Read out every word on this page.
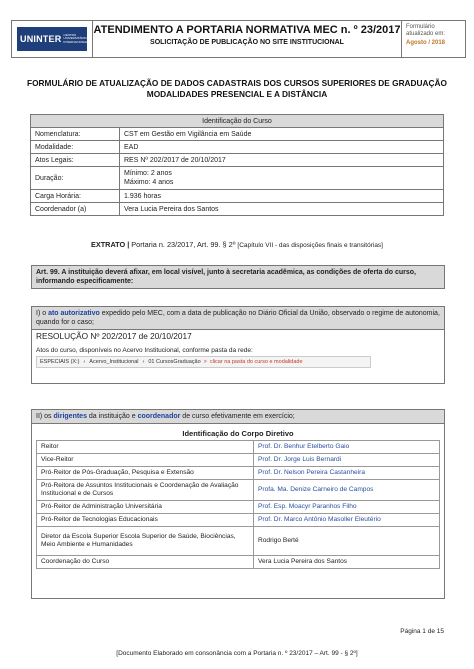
UNINTER CENTRO UNIVERSITÁRIO INTERNACIONAL
ATENDIMENTO A PORTARIA NORMATIVA MEC n. º 23/2017
SOLICITAÇÃO DE PUBLICAÇÃO NO SITE INSTITUCIONAL
Formulário atualizado em:
Agosto / 2018
FORMULÁRIO DE ATUALIZAÇÃO DE DADOS CADASTRAIS DOS CURSOS SUPERIORES DE GRADUAÇÃO MODALIDADES PRESENCIAL E A DISTÂNCIA
Identificação do Curso	
Nomenclatura:	CST em Gestão em Vigilância em Saúde
Modalidade:	EAD
Atos Legais:	RES Nº 202/2017 de 20/10/2017
Duração:	Mínimo: 2 anos
Máximo: 4 anos

Carga Horária:	1.936 horas
Coordenador (a)	Vera Lucia Pereira dos Santos
EXTRATO | Portaria n. 23/2017, Art. 99. § 2º [Capítulo VII - das disposições finais e transitórias]
Art. 99. A instituição deverá afixar, em local visível, junto à secretaria acadêmica, as condições de oferta do curso, informando especificamente:
I) o ato autorizativo expedido pelo MEC, com a data de publicação no Diário Oficial da União, observado o regime de autonomia, quando for o caso;
RESOLUÇÃO Nº 202/2017 de 20/10/2017
Atos do curso, disponíveis no Acervo Institucional, conforme pasta da rede:
ESPECIAIS (X:) › Acervo_Institucional › 01 CursosGraduação > clicar na pasta do curso e modalidade
II) os dirigentes da instituição e coordenador de curso efetivamente em exercício;
Identificação do Corpo Diretivo
Reitor	Prof. Dr. Benhur Etelberto Gaio
Vice-Reitor	Prof. Dr. Jorge Luis Bernardi
Pró-Reitor de Pós-Graduação, Pesquisa e Extensão	Prof. Dr. Nelson Pereira Castanheira
Pró-Reitora de Assuntos Institucionais e Coordenação de Avaliação Institucional e de Cursos	Profa. Ma. Denize Carneiro de Campos
Pró-Reitor de Administração Universitária	Prof. Esp. Moacyr Paranhos Filho
Pró-Reitor de Tecnologias Educacionais	Prof. Dr. Marco Antônio Masoller Eleutério
Diretor da Escola Superior Escola Superior de Saúde, Biociências, Meio Ambiente e Humanidades	Rodrigo Berté
Coordenação do Curso	Vera Lucia Pereira dos Santos
Página 1 de 15
[Documento Elaborado em consonância com a Portaria n. º 23/2017 – Art. 99 - § 2º]
